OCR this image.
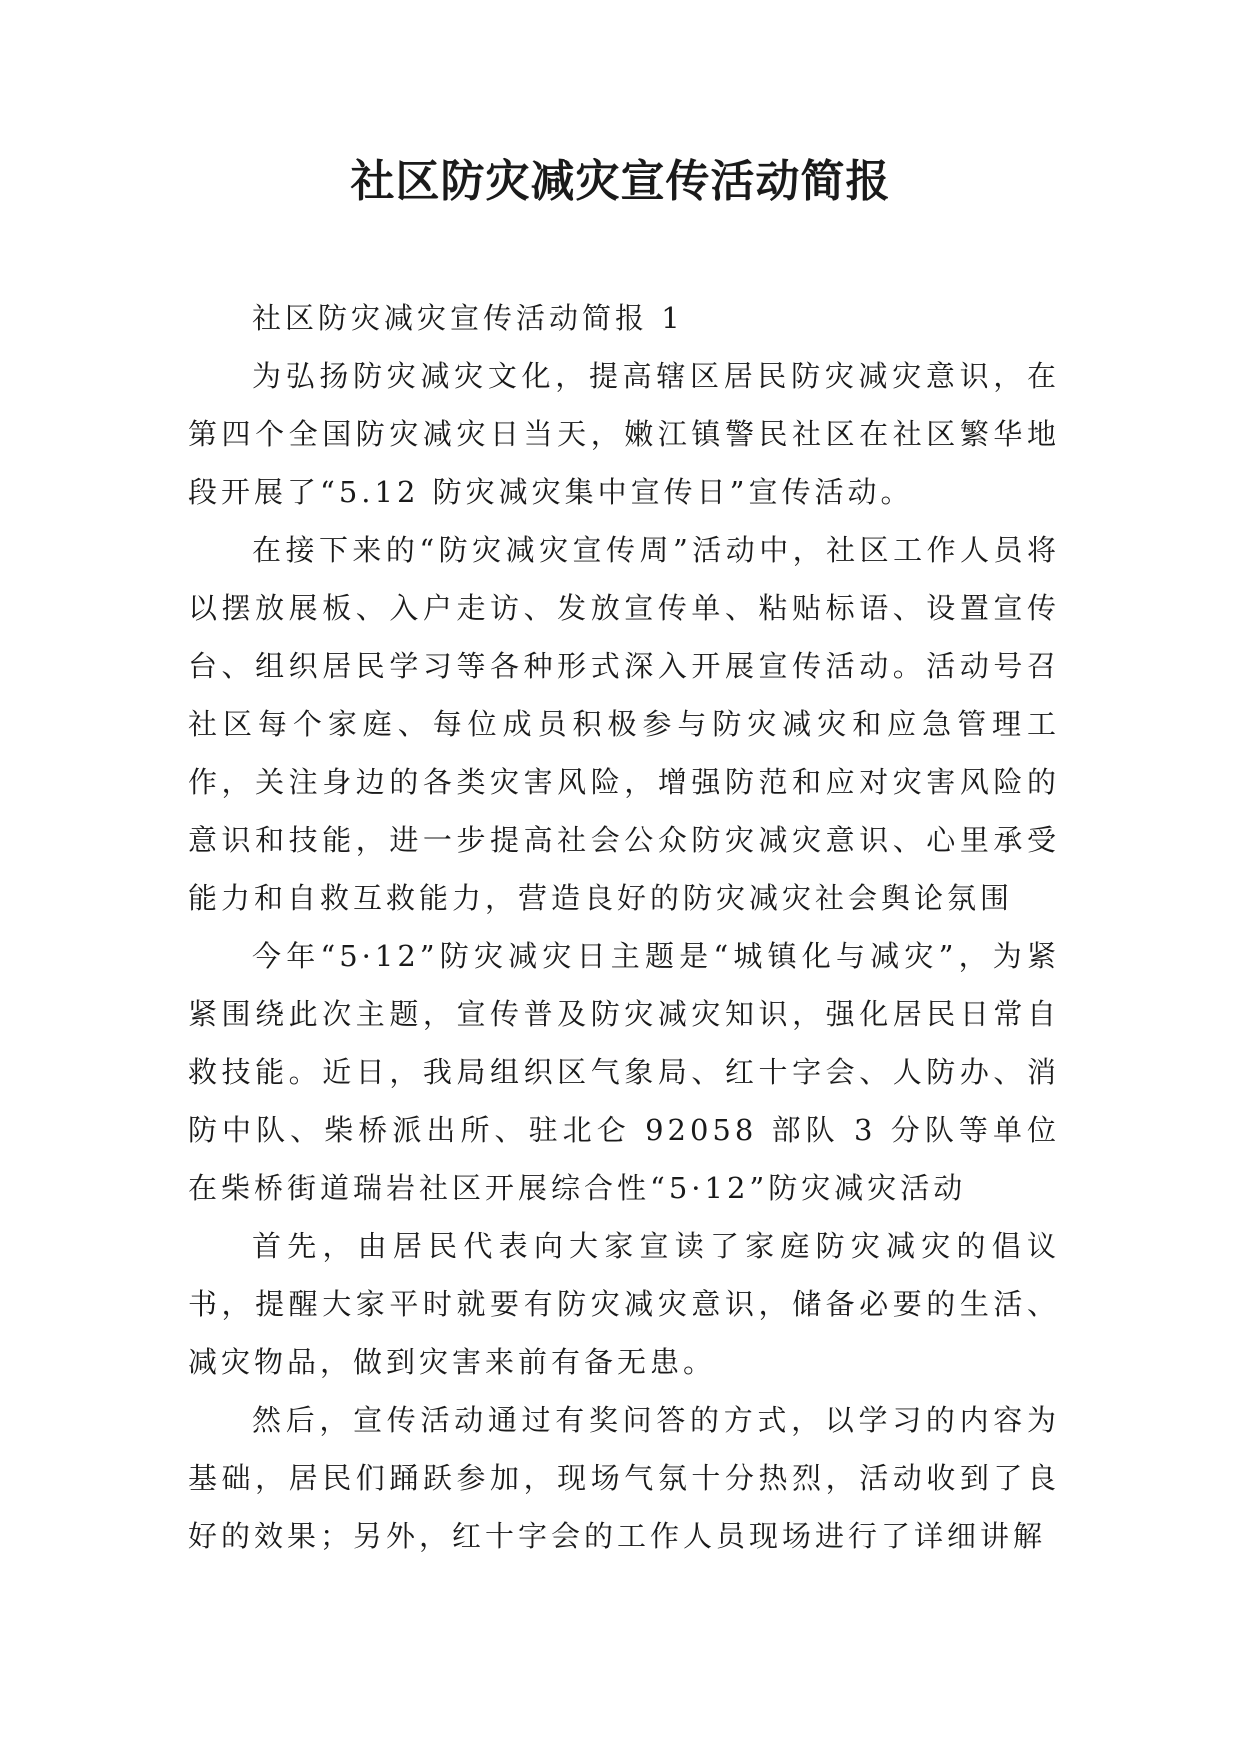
社区防灾减灾宣传活动简报

社区防灾减灾宣传活动简报 1

为弘扬防灾减灾文化，提高辖区居民防灾减灾意识，在第四个全国防灾减灾日当天，嫩江镇警民社区在社区繁华地段开展了“5.12 防灾减灾集中宣传日”宣传活动。

在接下来的“防灾减灾宣传周”活动中，社区工作人员将以摆放展板、入户走访、发放宣传单、粘贴标语、设置宣传台、组织居民学习等各种形式深入开展宣传活动。活动号召社区每个家庭、每位成员积极参与防灾减灾和应急管理工作，关注身边的各类灾害风险，增强防范和应对灾害风险的意识和技能，进一步提高社会公众防灾减灾意识、心里承受能力和自救互救能力，营造良好的防灾减灾社会舆论氛围

今年“5·12”防灾减灾日主题是“城镇化与减灾”，为紧紧围绕此次主题，宣传普及防灾减灾知识，强化居民日常自救技能。近日，我局组织区气象局、红十字会、人防办、消防中队、柴桥派出所、驻北仑 92058 部队 3 分队等单位在柴桥街道瑞岩社区开展综合性“5·12”防灾减灾活动

首先，由居民代表向大家宣读了家庭防灾减灾的倡议书，提醒大家平时就要有防灾减灾意识，储备必要的生活、减灾物品，做到灾害来前有备无患。

然后，宣传活动通过有奖问答的方式，以学习的内容为基础，居民们踊跃参加，现场气氛十分热烈，活动收到了良好的效果；另外，红十字会的工作人员现场进行了详细讲解
